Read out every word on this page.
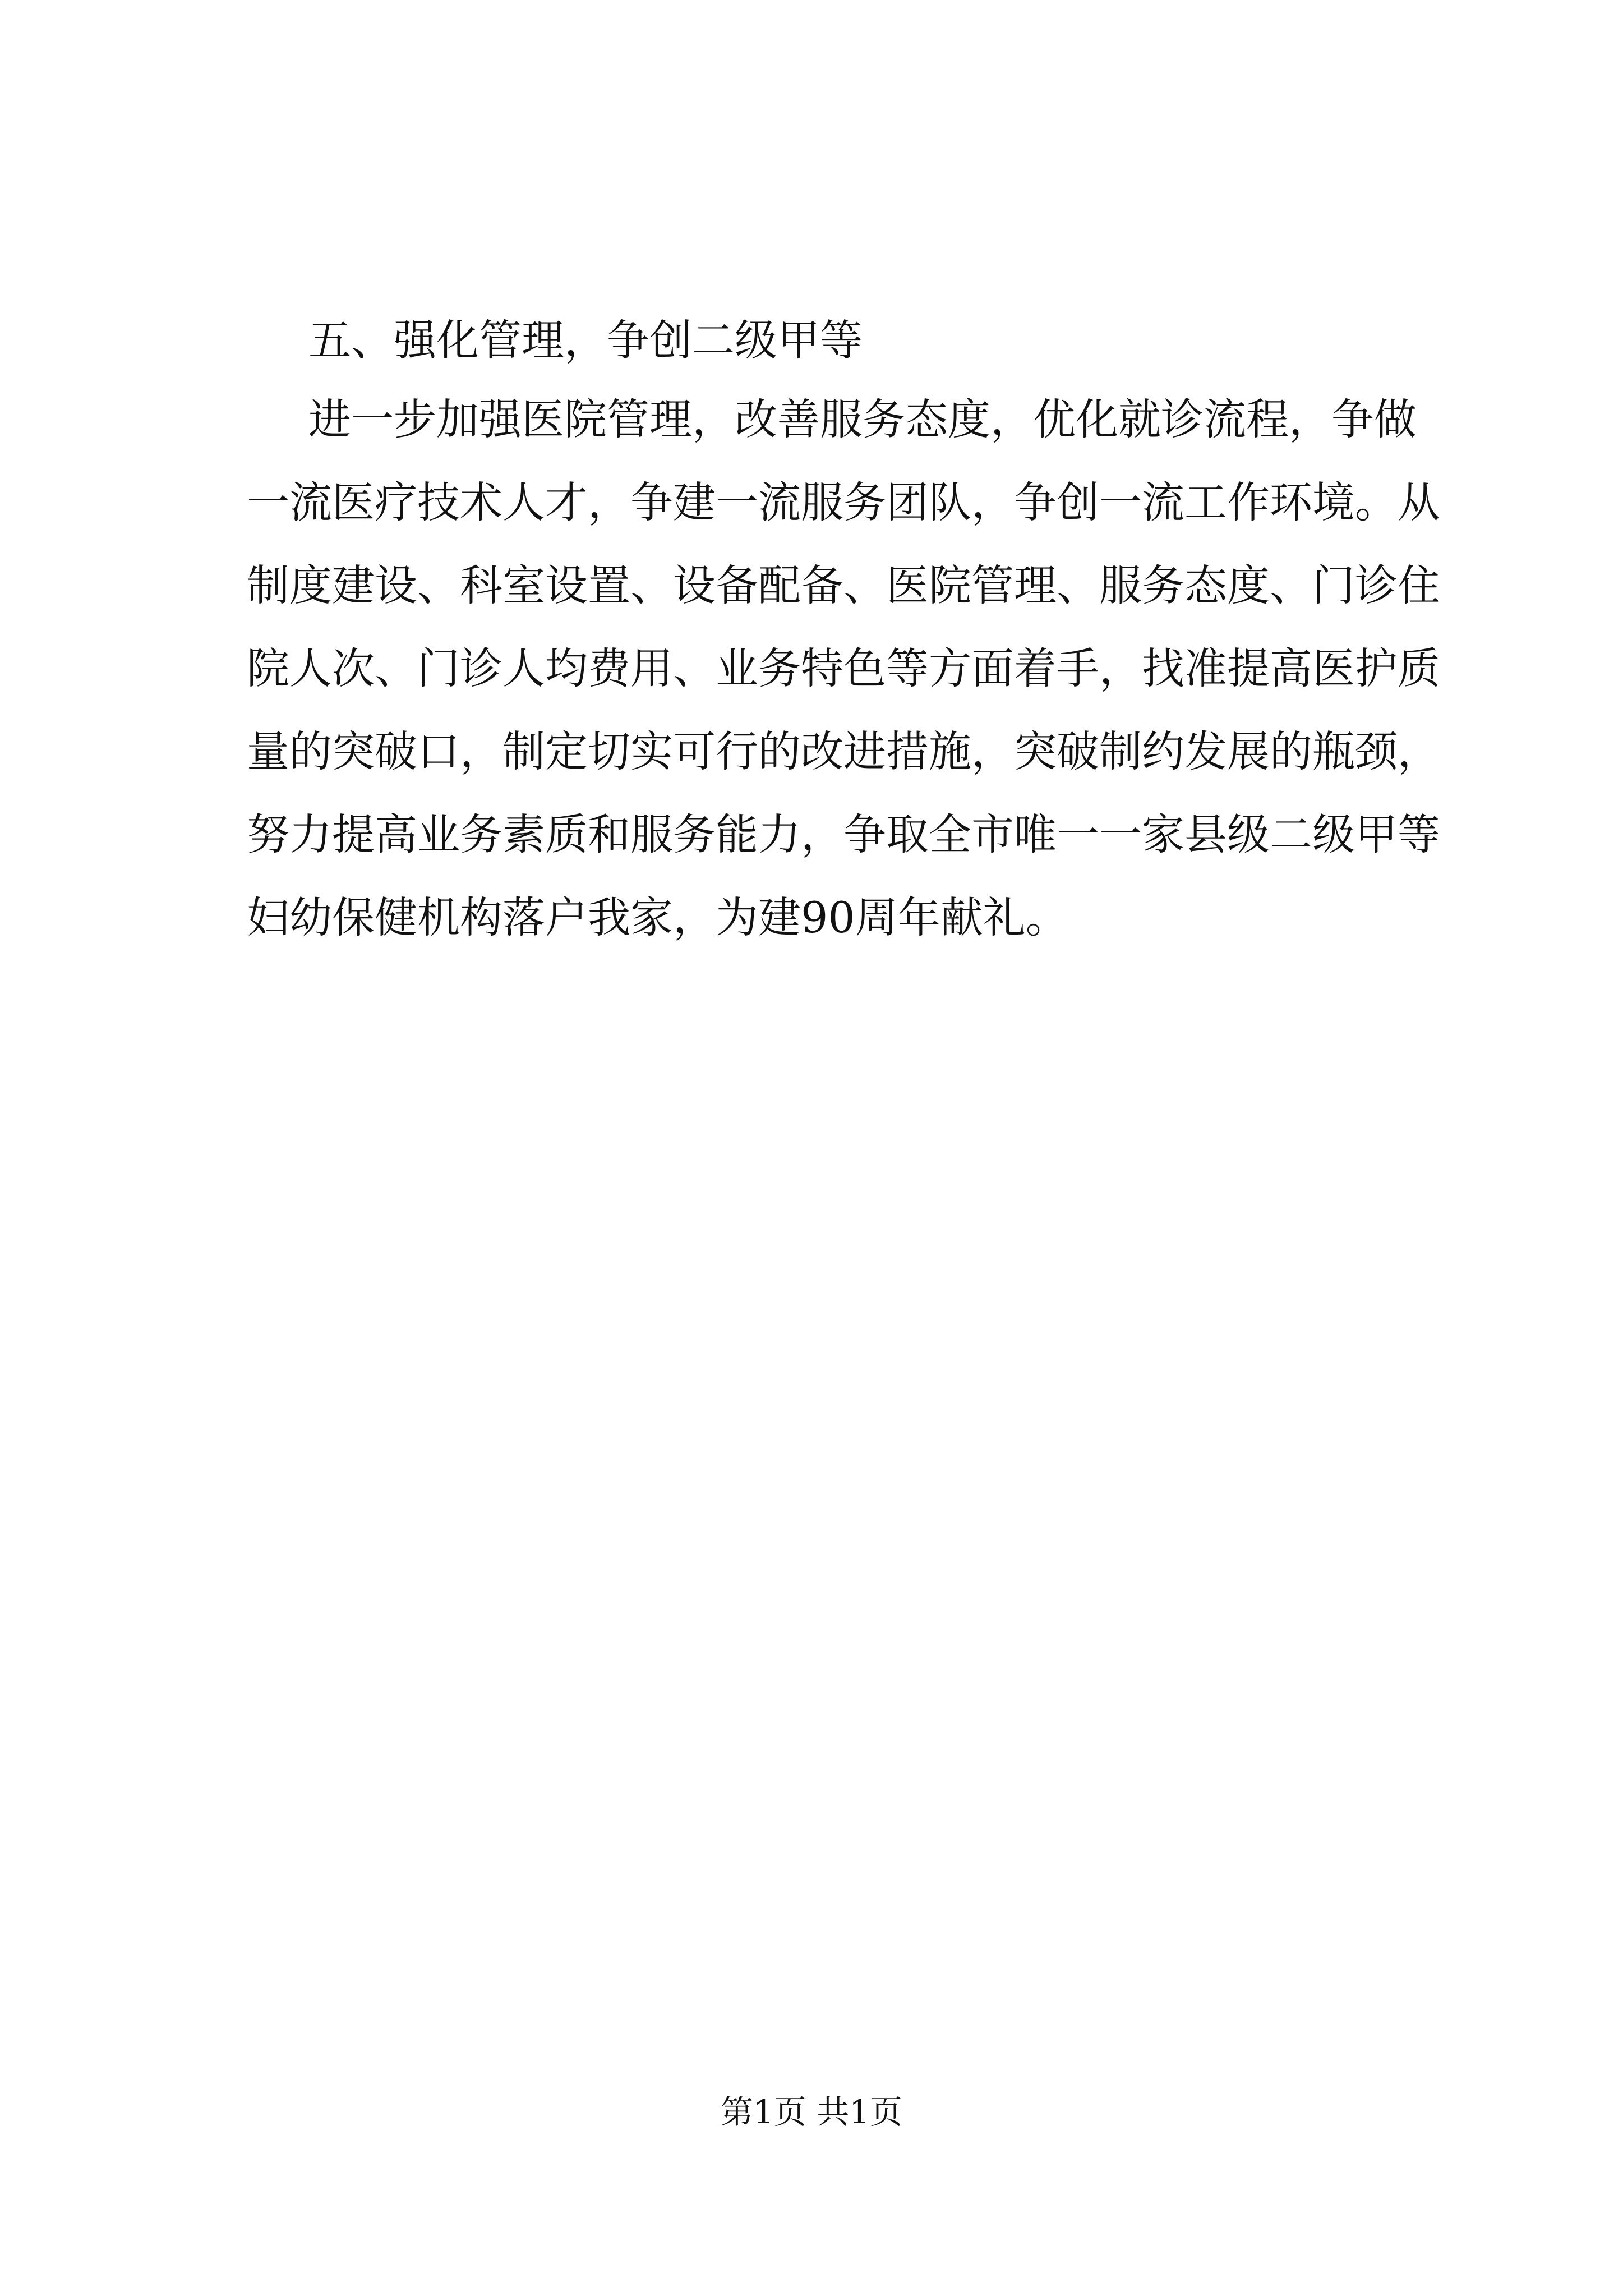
五、强化管理，争创二级甲等

进一步加强医院管理，改善服务态度，优化就诊流程，争做
一流医疗技术人才，争建一流服务团队，争创一流工作环境。从
制度建设、科室设置、设备配备、医院管理、服务态度、门诊住
院人次、门诊人均费用、业务特色等方面着手，找准提高医护质
量的突破口，制定切实可行的改进措施，突破制约发展的瓶颈，
努力提高业务素质和服务能力，争取全市唯一一家县级二级甲等
妇幼保健机构落户我家，为建90周年献礼。

第1页 共1页
